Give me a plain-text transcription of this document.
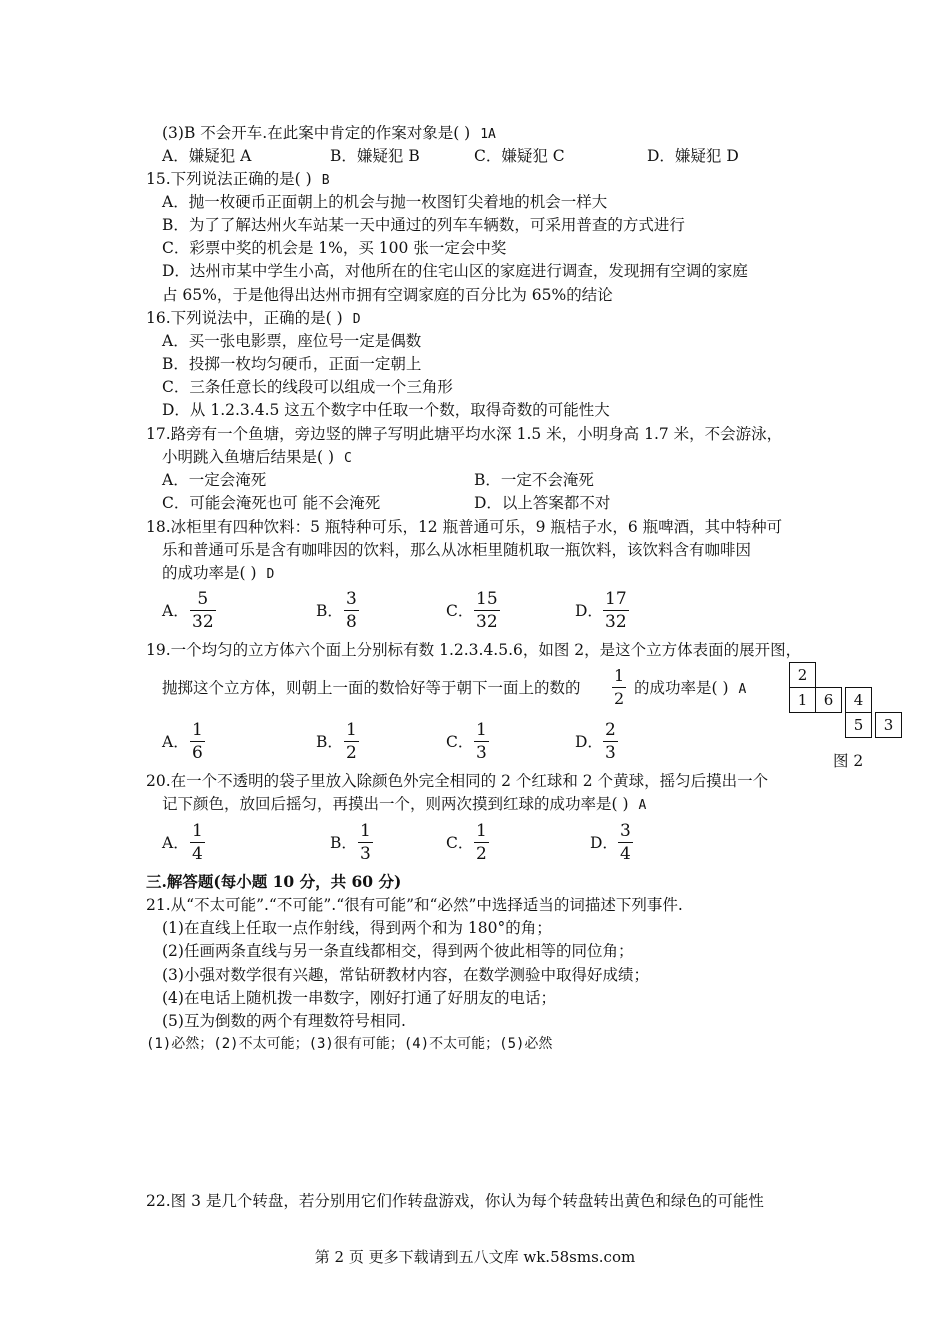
(3)B 不会开车.在此案中肯定的作案对象是( ) 1A
A．嫌疑犯 A	B．嫌疑犯 B	C．嫌疑犯 C	D．嫌疑犯 D
15.下列说法正确的是( ) B
A．抛一枚硬币正面朝上的机会与抛一枚图钉尖着地的机会一样大
B．为了了解达州火车站某一天中通过的列车车辆数，可采用普查的方式进行
C．彩票中奖的机会是 1%，买 100 张一定会中奖
D．达州市某中学生小高，对他所在的住宅山区的家庭进行调查，发现拥有空调的家庭
占 65%，于是他得出达州市拥有空调家庭的百分比为 65%的结论
16.下列说法中，正确的是( ) D
A．买一张电影票，座位号一定是偶数
B．投掷一枚均匀硬币，正面一定朝上
C．三条任意长的线段可以组成一个三角形
D．从 1.2.3.4.5 这五个数字中任取一个数，取得奇数的可能性大
17.路旁有一个鱼塘，旁边竖的牌子写明此塘平均水深 1.5 米，小明身高 1.7 米，不会游泳，
小明跳入鱼塘后结果是( ) C
A．一定会淹死	B．一定不会淹死
C．可能会淹死也可 能不会淹死	D．以上答案都不对
18.冰柜里有四种饮料：5 瓶特种可乐，12 瓶普通可乐，9 瓶桔子水，6 瓶啤酒，其中特种可
乐和普通可乐是含有咖啡因的饮料，那么从冰柜里随机取一瓶饮料，该饮料含有咖啡因
的成功率是( ) D
A． $\frac{5}{32}$	B． $\frac{3}{8}$	C． $\frac{15}{32}$	D． $\frac{17}{32}$
19.一个均匀的立方体六个面上分别标有数 1.2.3.4.5.6，如图 2，是这个立方体表面的展开图，
抛掷这个立方体，则朝上一面的数恰好等于朝下一面上的数的 $\frac{1}{2}$ 的成功率是( ) A
A． $\frac{1}{6}$	B． $\frac{1}{2}$	C． $\frac{1}{3}$	D． $\frac{2}{3}$
2
1	6	4
5	3
图 2
20.在一个不透明的袋子里放入除颜色外完全相同的 2 个红球和 2 个黄球，摇匀后摸出一个
记下颜色，放回后摇匀，再摸出一个，则两次摸到红球的成功率是( ) A
A． $\frac{1}{4}$	B． $\frac{1}{3}$	C． $\frac{1}{2}$	D． $\frac{3}{4}$
三.解答题(每小题 10 分，共 60 分)
21.从“不太可能”.“不可能”.“很有可能”和“必然”中选择适当的词描述下列事件.
(1)在直线上任取一点作射线，得到两个和为 180°的角；
(2)任画两条直线与另一条直线都相交，得到两个彼此相等的同位角；
(3)小强对数学很有兴趣，常钻研教材内容，在数学测验中取得好成绩；
(4)在电话上随机拨一串数字，刚好打通了好朋友的电话；
(5)互为倒数的两个有理数符号相同.
(1)必然；(2)不太可能；(3)很有可能；(4)不太可能；(5)必然
22.图 3 是几个转盘，若分别用它们作转盘游戏，你认为每个转盘转出黄色和绿色的可能性
第 2 页 更多下载请到五八文库 wk.58sms.com
